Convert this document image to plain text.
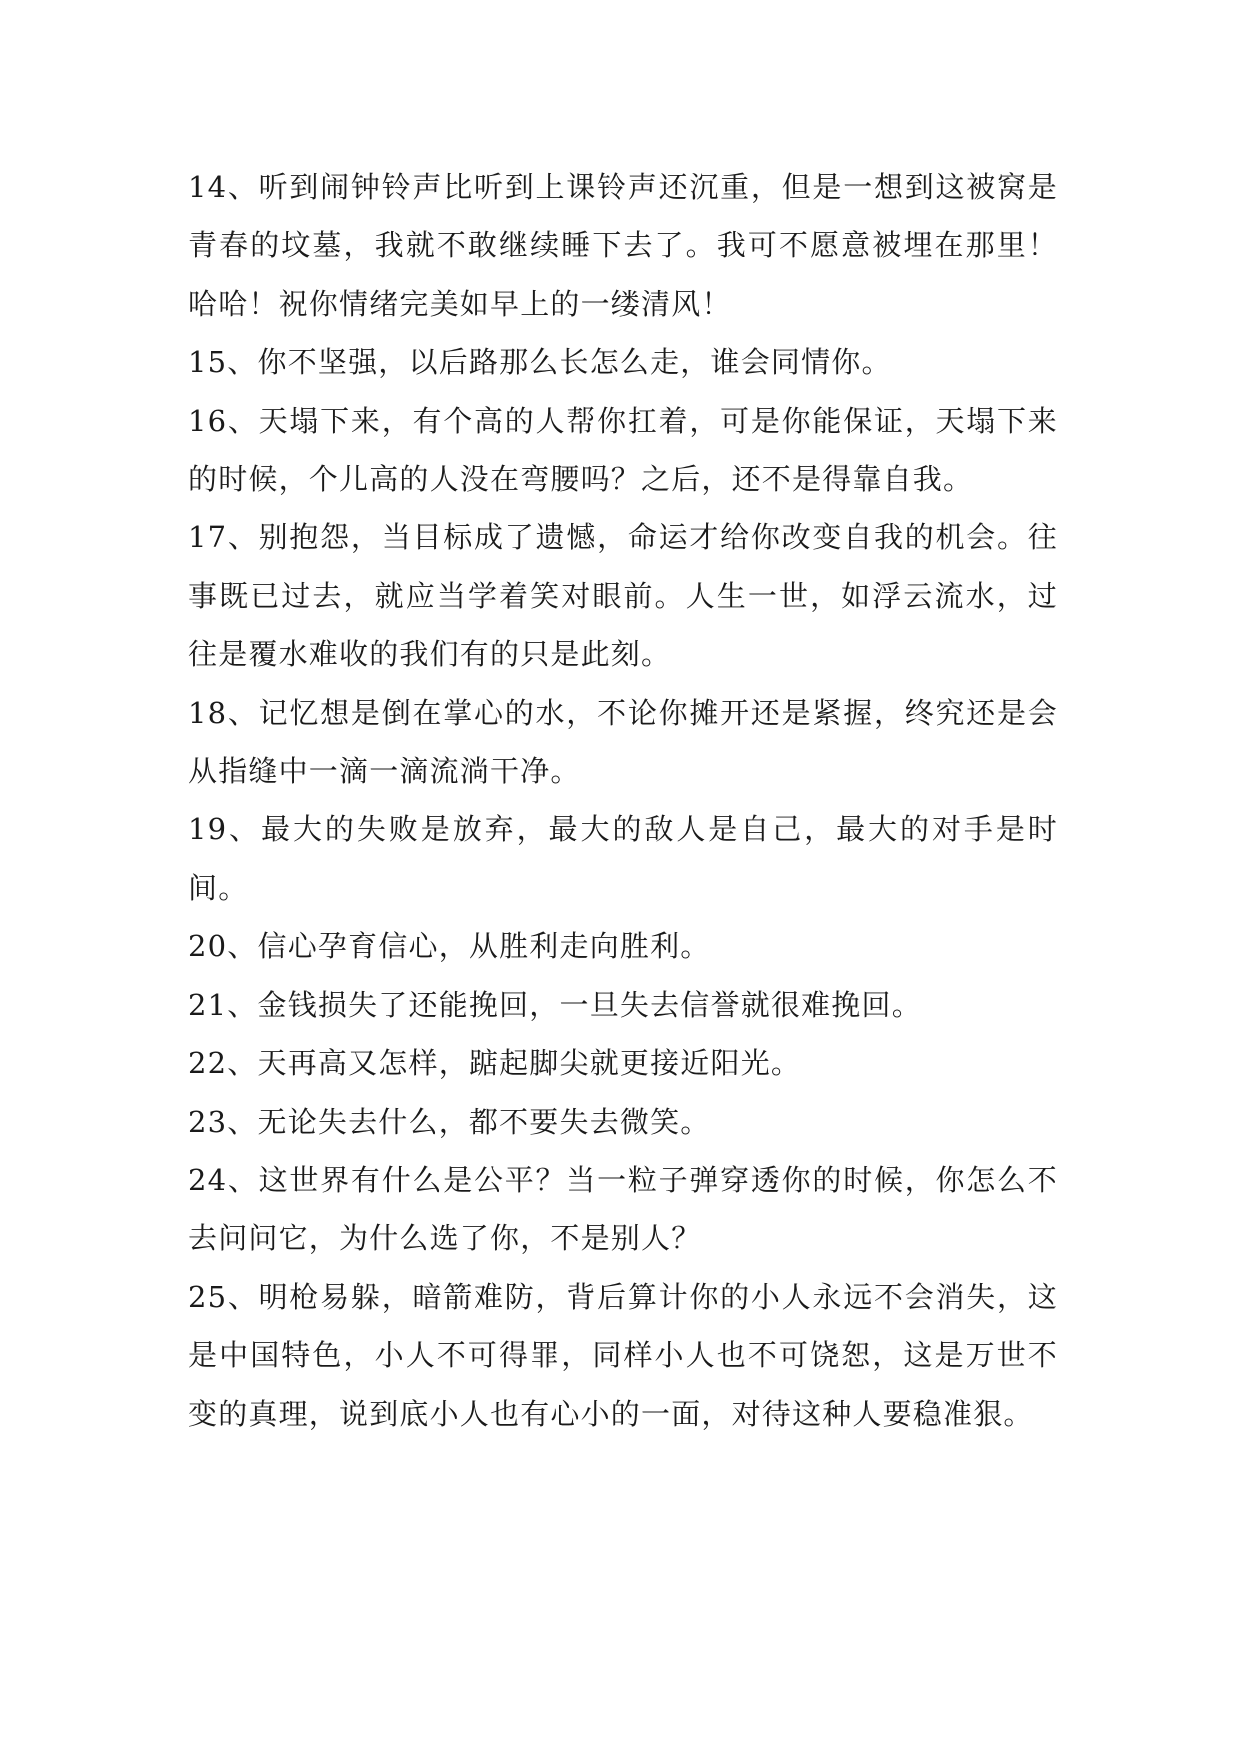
14、听到闹钟铃声比听到上课铃声还沉重，但是一想到这被窝是青春的坟墓，我就不敢继续睡下去了。我可不愿意被埋在那里！哈哈！祝你情绪完美如早上的一缕清风！

15、你不坚强，以后路那么长怎么走，谁会同情你。

16、天塌下来，有个高的人帮你扛着，可是你能保证，天塌下来的时候，个儿高的人没在弯腰吗？之后，还不是得靠自我。

17、别抱怨，当目标成了遗憾，命运才给你改变自我的机会。往事既已过去，就应当学着笑对眼前。人生一世，如浮云流水，过往是覆水难收的我们有的只是此刻。

18、记忆想是倒在掌心的水，不论你摊开还是紧握，终究还是会从指缝中一滴一滴流淌干净。

19、最大的失败是放弃，最大的敌人是自己，最大的对手是时间。

20、信心孕育信心，从胜利走向胜利。

21、金钱损失了还能挽回，一旦失去信誉就很难挽回。

22、天再高又怎样，踮起脚尖就更接近阳光。

23、无论失去什么，都不要失去微笑。

24、这世界有什么是公平？当一粒子弹穿透你的时候，你怎么不去问问它，为什么选了你，不是别人？

25、明枪易躲，暗箭难防，背后算计你的小人永远不会消失，这是中国特色，小人不可得罪，同样小人也不可饶恕，这是万世不变的真理，说到底小人也有心小的一面，对待这种人要稳准狠。
